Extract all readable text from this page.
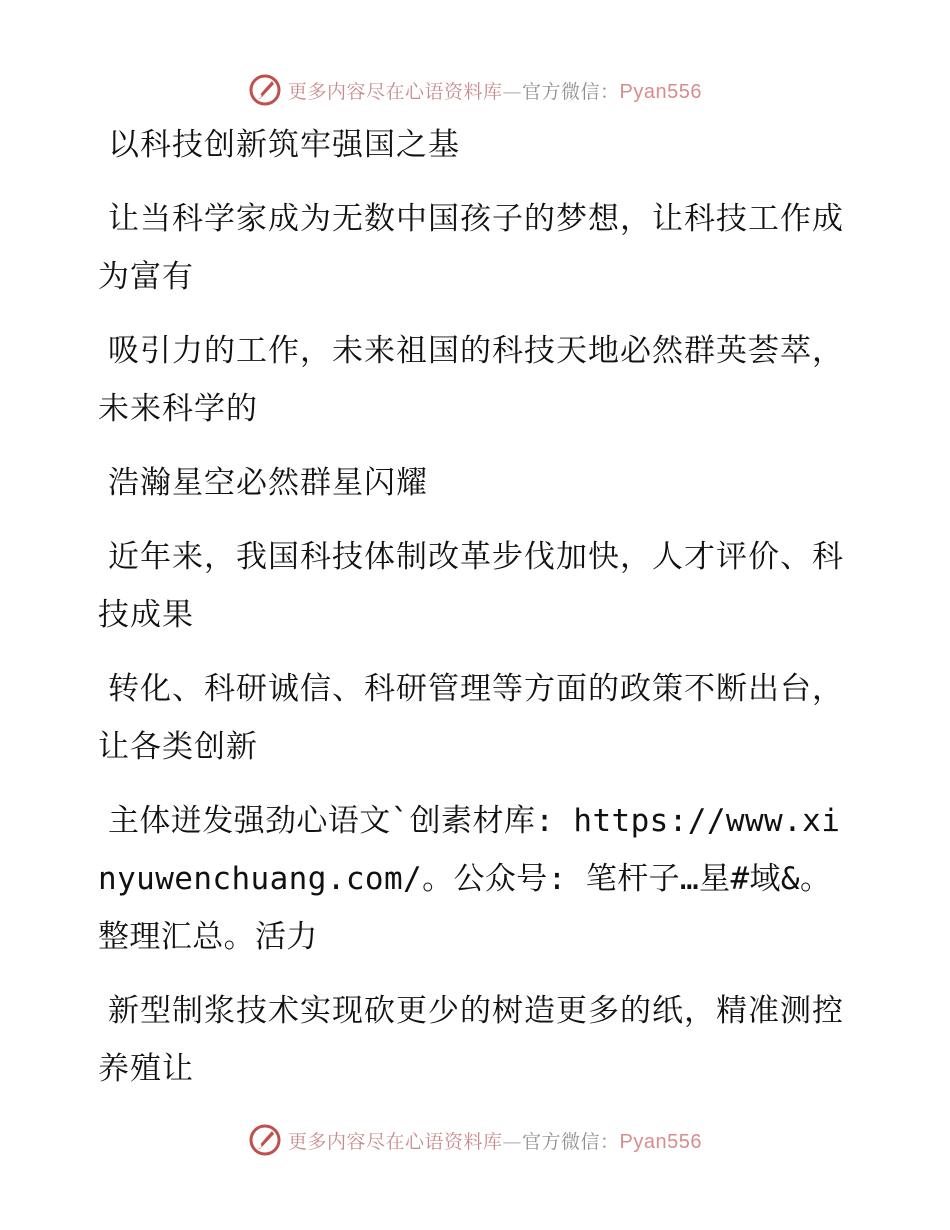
更多内容尽在心语资料库—官方微信：Pyan556

以科技创新筑牢强国之基

让当科学家成为无数中国孩子的梦想，让科技工作成为富有

吸引力的工作，未来祖国的科技天地必然群英荟萃，未来科学的

浩瀚星空必然群星闪耀

近年来，我国科技体制改革步伐加快，人才评价、科技成果

转化、科研诚信、科研管理等方面的政策不断出台，让各类创新

主体迸发强劲心语文`创素材库: https://www.xinyuwenchuang.com/。公众号: 笔杆子…星#域&。整理汇总。活力

新型制浆技术实现砍更少的树造更多的纸，精准测控养殖让

更多内容尽在心语资料库—官方微信：Pyan556
